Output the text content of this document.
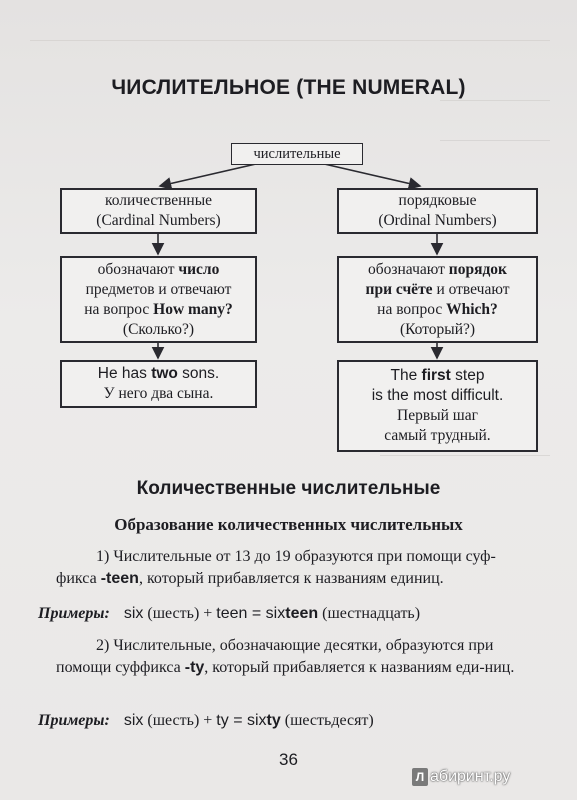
ЧИСЛИТЕЛЬНОЕ (THE NUMERAL)
числительные
количественные
(Cardinal Numbers)
обозначают число
предметов и отвечают
на вопрос How many?
(Сколько?)
He has two sons.
У него два сына.
порядковые
(Ordinal Numbers)
обозначают порядок
при счёте и отвечают
на вопрос Which?
(Который?)
The first step
is the most difficult.
Первый шаг
самый трудный.
Количественные числительные
Образование количественных числительных
1) Числительные от 13 до 19 образуются при помощи суф-фикса -teen, который прибавляется к названиям единиц.
Примеры: six (шесть) + teen = sixteen (шестнадцать)
2) Числительные, обозначающие десятки, образуются при помощи суффикса -ty, который прибавляется к названиям еди-ниц.
Примеры: six (шесть) + ty = sixty (шестьдесят)
36
Л абиринт.ру
